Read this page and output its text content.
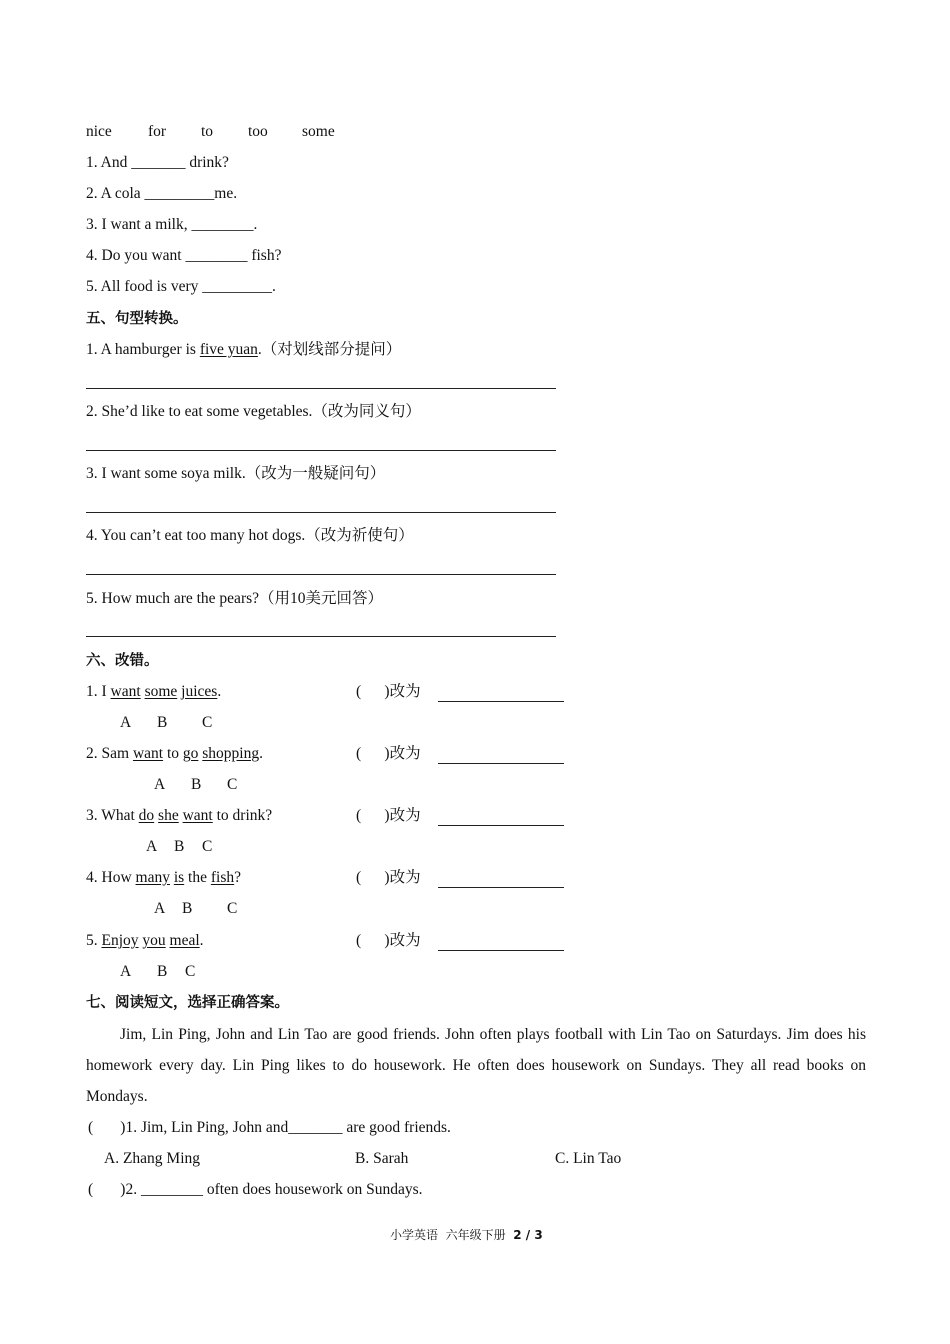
nice for to too some
1. And _______ drink?
2. A cola _________me.
3. I want a milk, ________.
4. Do you want ________ fish?
5. All food is very _________.
五、句型转换。
1. A hamburger is five yuan.（对划线部分提问）
2. She’d like to eat some vegetables.（改为同义句）
3. I want some soya milk.（改为一般疑问句）
4. You can’t eat too many hot dogs.（改为祈使句）
5. How much are the pears?（用10美元回答）
六、改错。
1. I want some juices.	(      )改为
A B C
2. Sam want to go shopping.	(      )改为
A B C
3. What do she want to drink?	(      )改为
A B C
4. How many is the fish?	(      )改为
A B C
5. Enjoy you meal.	(      )改为
A B C
七、阅读短文，选择正确答案。
Jim, Lin Ping, John and Lin Tao are good friends. John often plays football with Lin Tao on Saturdays. Jim does his homework every day. Lin Ping likes to do housework. He often does housework on Sundays. They all read books on Mondays.
(       )1. Jim, Lin Ping, John and_______ are good friends.
A. Zhang Ming	B. Sarah	C. Lin Tao
(       )2. ________ often does housework on Sundays.
小学英语  六年级下册  2 / 3
